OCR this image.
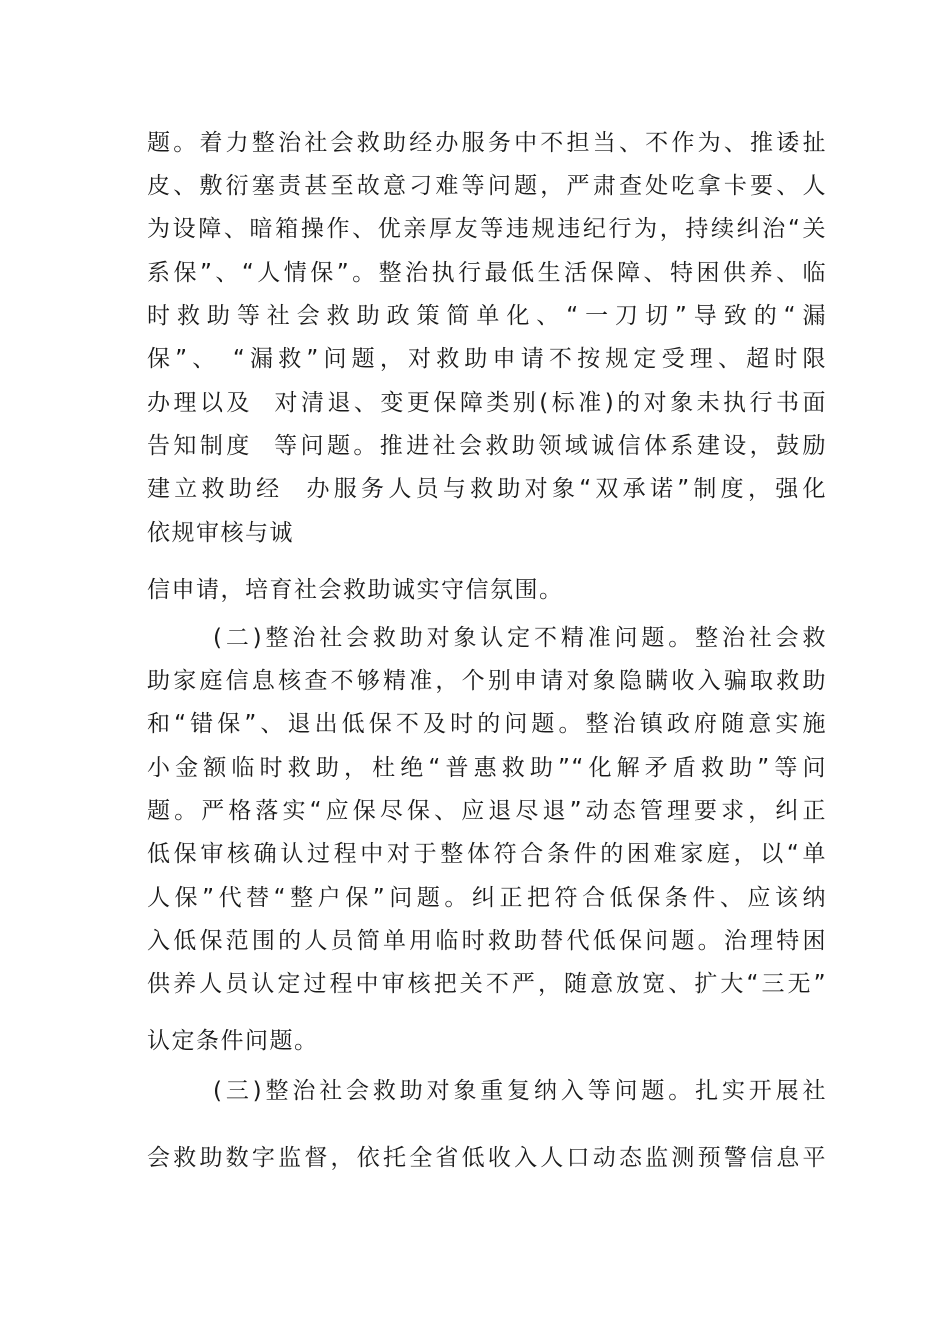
题。着力整治社会救助经办服务中不担当、不作为、推诿扯
皮、敷衍塞责甚至故意刁难等问题，严肃查处吃拿卡要、人
为设障、暗箱操作、优亲厚友等违规违纪行为，持续纠治“关
系保”、“人情保”。整治执行最低生活保障、特困供养、临
时救助等社会救助政策简单化、“一刀切”导致的“漏
保”、 “漏救”问题，对救助申请不按规定受理、超时限
办理以及  对清退、变更保障类别(标准)的对象未执行书面
告知制度  等问题。推进社会救助领域诚信体系建设，鼓励
建立救助经  办服务人员与救助对象“双承诺”制度，强化
依规审核与诚
信申请，培育社会救助诚实守信氛围。
(二)整治社会救助对象认定不精准问题。整治社会救
助家庭信息核查不够精准，个别申请对象隐瞒收入骗取救助
和“错保”、退出低保不及时的问题。整治镇政府随意实施
小金额临时救助，杜绝“普惠救助”“化解矛盾救助”等问
题。严格落实“应保尽保、应退尽退”动态管理要求，纠正
低保审核确认过程中对于整体符合条件的困难家庭，以“单
人保”代替“整户保”问题。纠正把符合低保条件、应该纳
入低保范围的人员简单用临时救助替代低保问题。治理特困
供养人员认定过程中审核把关不严，随意放宽、扩大“三无”
认定条件问题。
(三)整治社会救助对象重复纳入等问题。扎实开展社
会救助数字监督，依托全省低收入人口动态监测预警信息平
